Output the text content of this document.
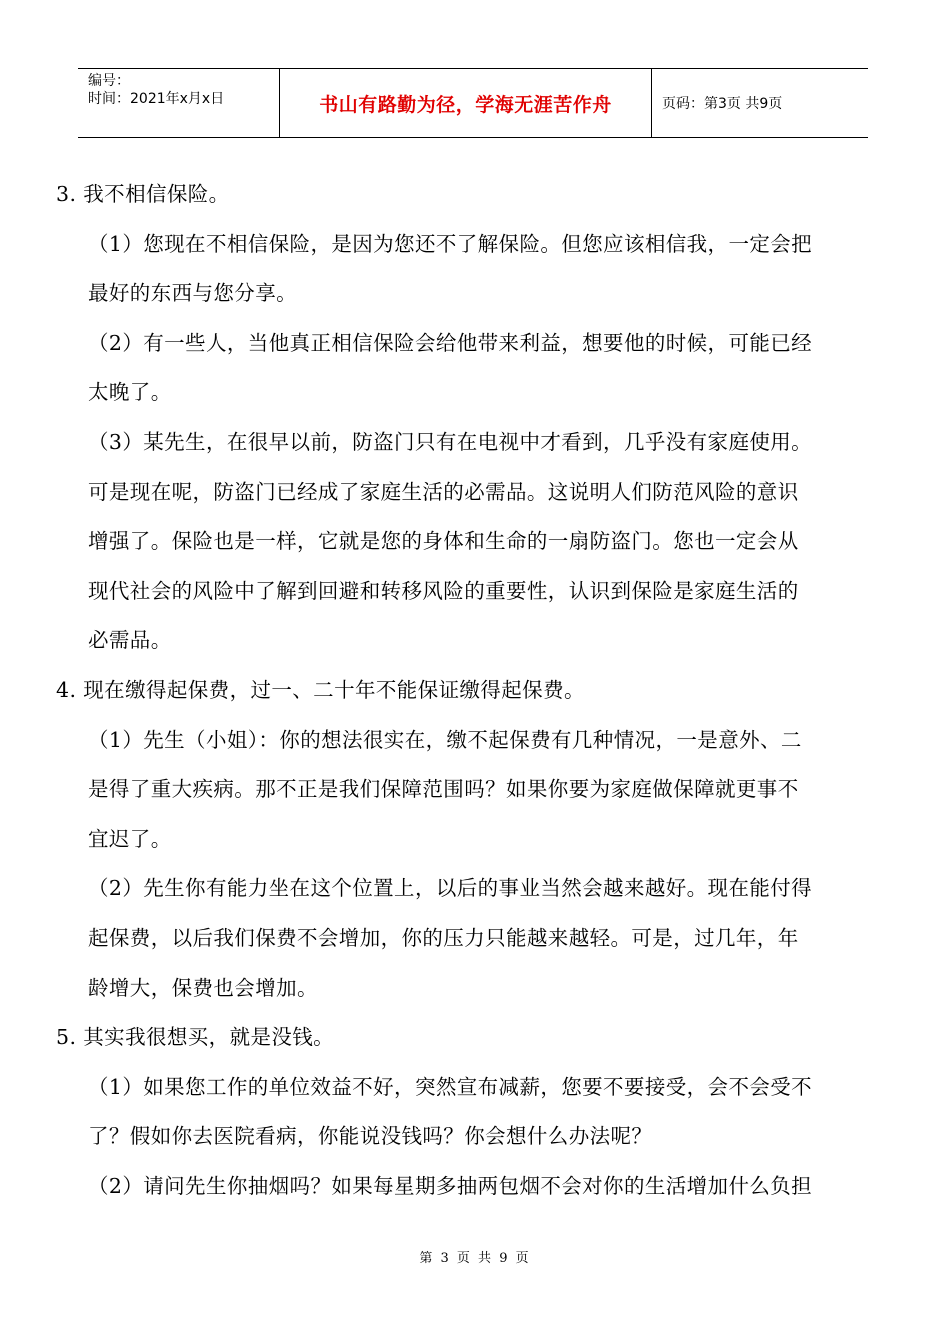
编号：
时间：2021年x月x日	书山有路勤为径，学海无涯苦作舟	页码：第3页 共9页
3. 我不相信保险。
（1）您现在不相信保险，是因为您还不了解保险。但您应该相信我，一定会把
最好的东西与您分享。
（2）有一些人，当他真正相信保险会给他带来利益，想要他的时候，可能已经
太晚了。
（3）某先生，在很早以前，防盗门只有在电视中才看到，几乎没有家庭使用。
可是现在呢，防盗门已经成了家庭生活的必需品。这说明人们防范风险的意识
增强了。保险也是一样，它就是您的身体和生命的一扇防盗门。您也一定会从
现代社会的风险中了解到回避和转移风险的重要性，认识到保险是家庭生活的
必需品。
4. 现在缴得起保费，过一、二十年不能保证缴得起保费。
（1）先生（小姐）：你的想法很实在，缴不起保费有几种情况，一是意外、二
是得了重大疾病。那不正是我们保障范围吗？如果你要为家庭做保障就更事不
宜迟了。
（2）先生你有能力坐在这个位置上，以后的事业当然会越来越好。现在能付得
起保费，以后我们保费不会增加，你的压力只能越来越轻。可是，过几年，年
龄增大，保费也会增加。
5. 其实我很想买，就是没钱。
（1）如果您工作的单位效益不好，突然宣布减薪，您要不要接受，会不会受不
了？假如你去医院看病，你能说没钱吗？你会想什么办法呢？
（2）请问先生你抽烟吗？如果每星期多抽两包烟不会对你的生活增加什么负担
第 3 页 共 9 页
